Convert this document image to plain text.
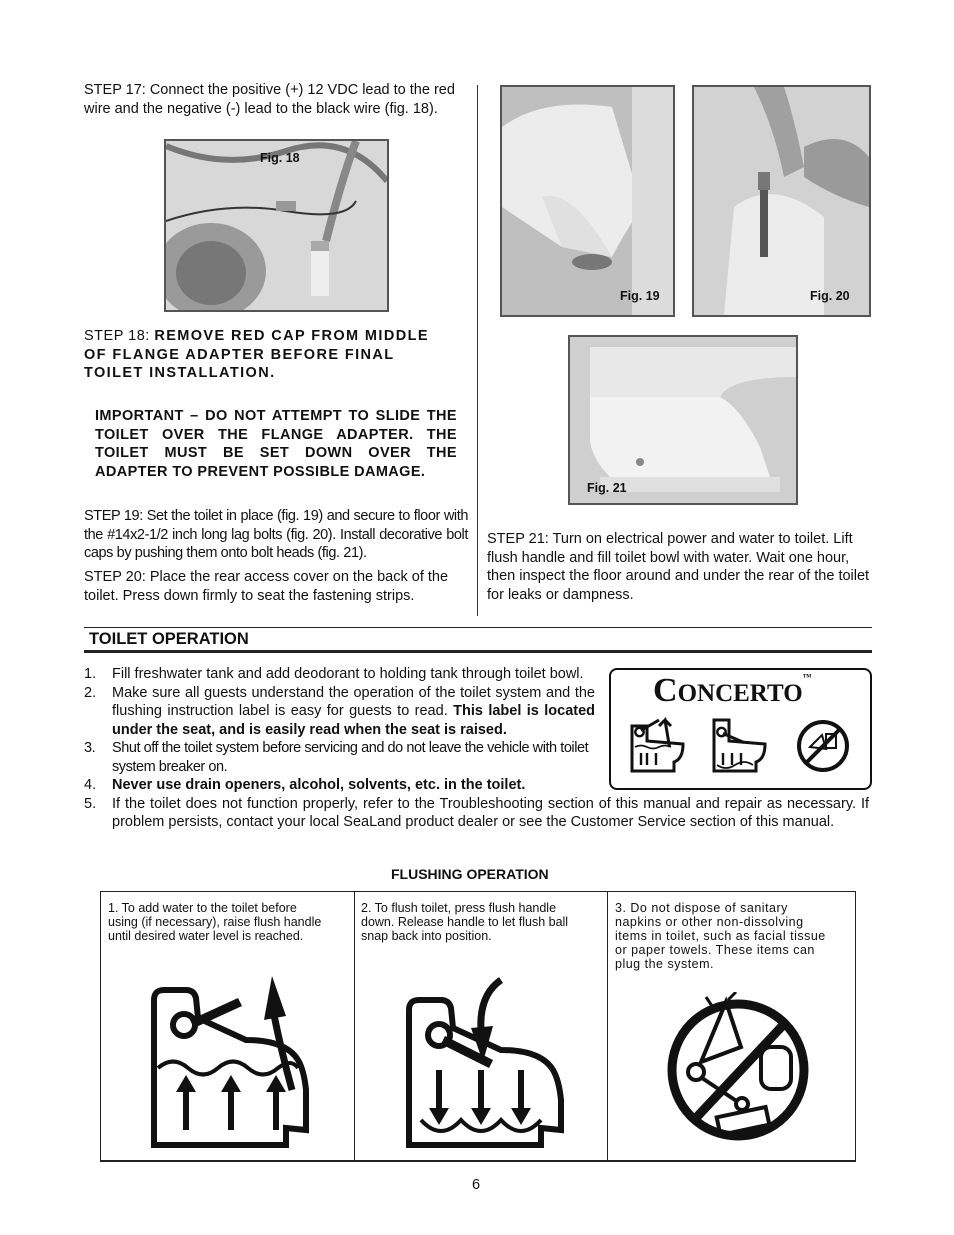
STEP 17: Connect the positive (+) 12 VDC lead to the red wire and the negative (-) lead to the black wire (fig. 18).

Fig. 18

STEP 18: REMOVE RED CAP FROM MIDDLE OF FLANGE ADAPTER BEFORE FINAL TOILET INSTALLATION.

IMPORTANT – DO NOT ATTEMPT TO SLIDE THE TOILET OVER THE FLANGE ADAPTER. THE TOILET MUST BE SET DOWN OVER THE ADAPTER TO PREVENT POSSIBLE DAMAGE.

STEP 19: Set the toilet in place (fig. 19) and secure to floor with the #14x2-1/2 inch long lag bolts (fig. 20). Install decorative bolt caps by pushing them onto bolt heads (fig. 21).

STEP 20: Place the rear access cover on the back of the toilet. Press down firmly to seat the fastening strips.

Fig. 19	Fig. 20
Fig. 21

STEP 21: Turn on electrical power and water to toilet. Lift flush handle and fill toilet bowl with water. Wait one hour, then inspect the floor around and under the rear of the toilet for leaks or dampness.

TOILET OPERATION
1. Fill freshwater tank and add deodorant to holding tank through toilet bowl.
2. Make sure all guests understand the operation of the toilet system and the flushing instruction label is easy for guests to read. This label is located under the seat, and is easily read when the seat is raised.
3. Shut off the toilet system before servicing and do not leave the vehicle with toilet system breaker on.
4. Never use drain openers, alcohol, solvents, etc. in the toilet.
5. If the toilet does not function properly, refer to the Troubleshooting section of this manual and repair as necessary. If problem persists, contact your local SeaLand product dealer or see the Customer Service section of this manual.
CONCERTO™
FLUSHING OPERATION
1. To add water to the toilet before using (if necessary), raise flush handle until desired water level is reached.
2. To flush toilet, press flush handle down. Release handle to let flush ball snap back into position.
3. Do not dispose of sanitary napkins or other non-dissolving items in toilet, such as facial tissue or paper towels. These items can plug the system.
6
